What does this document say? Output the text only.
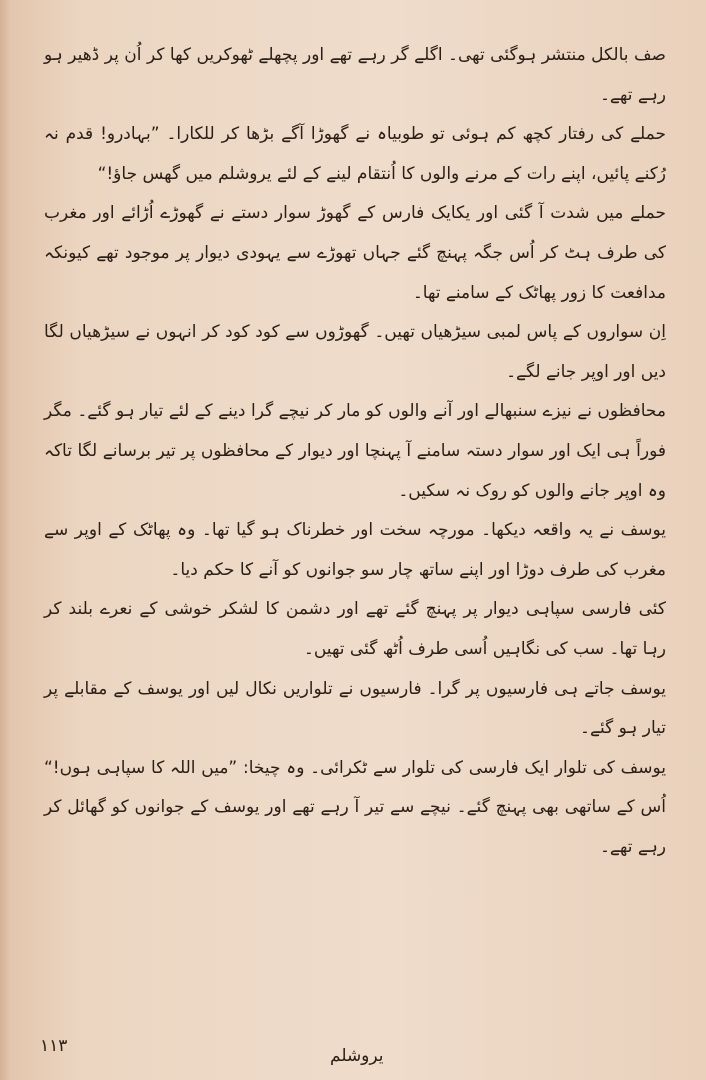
صف بالکل منتشر ہوگئی تھی۔ اگلے گر رہے تھے اور پچھلے ٹھوکریں کھا کر اُن پر ڈھیر ہو رہے تھے۔

حملے کی رفتار کچھ کم ہوئی تو طوبیاہ نے گھوڑا آگے بڑھا کر للکارا۔ ”بہادرو! قدم نہ رُکنے پائیں، اپنے رات کے مرنے والوں کا اُنتقام لینے کے لئے یروشلم میں گھس جاؤ!“

حملے میں شدت آ گئی اور یکایک فارس کے گھوڑ سوار دستے نے گھوڑے اُڑائے اور مغرب کی طرف ہٹ کر اُس جگہ پہنچ گئے جہاں تھوڑے سے یہودی دیوار پر موجود تھے کیونکہ مدافعت کا زور پھاٹک کے سامنے تھا۔

اِن سواروں کے پاس لمبی سیڑھیاں تھیں۔ گھوڑوں سے کود کود کر انہوں نے سیڑھیاں لگا دیں اور اوپر جانے لگے۔

محافظوں نے نیزے سنبھالے اور آنے والوں کو مار کر نیچے گرا دینے کے لئے تیار ہو گئے۔ مگر فوراً ہی ایک اور سوار دستہ سامنے آ پہنچا اور دیوار کے محافظوں پر تیر برسانے لگا تاکہ وہ اوپر جانے والوں کو روک نہ سکیں۔

یوسف نے یہ واقعہ دیکھا۔ مورچہ سخت اور خطرناک ہو گیا تھا۔ وہ پھاٹک کے اوپر سے مغرب کی طرف دوڑا اور اپنے ساتھ چار سو جوانوں کو آنے کا حکم دیا۔

کئی فارسی سپاہی دیوار پر پہنچ گئے تھے اور دشمن کا لشکر خوشی کے نعرے بلند کر رہا تھا۔ سب کی نگاہیں اُسی طرف اُٹھ گئی تھیں۔

یوسف جاتے ہی فارسیوں پر گرا۔ فارسیوں نے تلواریں نکال لیں اور یوسف کے مقابلے پر تیار ہو گئے۔

یوسف کی تلوار ایک فارسی کی تلوار سے ٹکرائی۔ وہ چیخا: ”میں اللہ کا سپاہی ہوں!“ اُس کے ساتھی بھی پہنچ گئے۔ نیچے سے تیر آ رہے تھے اور یوسف کے جوانوں کو گھائل کر رہے تھے۔

۱۱۳	یروشلم
